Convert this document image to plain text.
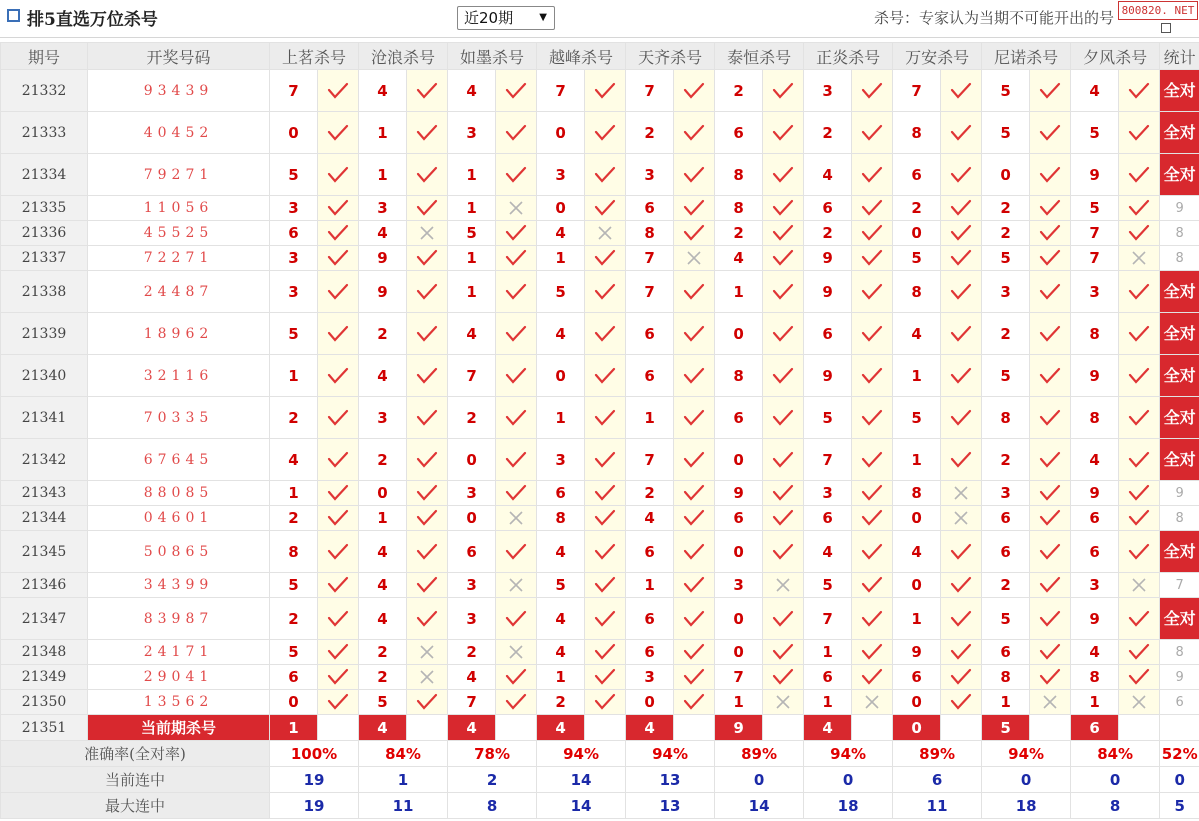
排5直选万位杀号	近20期	▼	杀号：专家认为当期不可能开出的号 800820. NET
期号	开奖号码	上茗杀号		沧浪杀号		如墨杀号		越峰杀号		天齐杀号		泰恒杀号		正炎杀号		万安杀号		尼诺杀号		夕风杀号		统计
21332	93439	7		4		4		7		7		2		3		7		5		4		全对
21333	40452	0		1		3		0		2		6		2		8		5		5		全对
21334	79271	5		1		1		3		3		8		4		6		0		9		全对
21335	11056	3		3		1		0		6		8		6		2		2		5		9
21336	45525	6		4		5		4		8		2		2		0		2		7		8
21337	72271	3		9		1		1		7		4		9		5		5		7		8
21338	24487	3		9		1		5		7		1		9		8		3		3		全对
21339	18962	5		2		4		4		6		0		6		4		2		8		全对
21340	32116	1		4		7		0		6		8		9		1		5		9		全对
21341	70335	2		3		2		1		1		6		5		5		8		8		全对
21342	67645	4		2		0		3		7		0		7		1		2		4		全对
21343	88085	1		0		3		6		2		9		3		8		3		9		9
21344	04601	2		1		0		8		4		6		6		0		6		6		8
21345	50865	8		4		6		4		6		0		4		4		6		6		全对
21346	34399	5		4		3		5		1		3		5		0		2		3		7
21347	83987	2		4		3		4		6		0		7		1		5		9		全对
21348	24171	5		2		2		4		6		0		1		9		6		4		8
21349	29041	6		2		4		1		3		7		6		6		8		8		9
21350	13562	0		5		7		2		0		1		1		0		1		1		6
21351	当前期杀号	1		4		4		4		4		9		4		0		5		6		
准确率(全对率)		100%		84%		78%		94%		94%		89%		94%		89%		94%		84%		52%
当前连中		19		1		2		14		13		0		0		6		0		0		0
最大连中		19		11		8		14		13		14		18		11		18		8		5
